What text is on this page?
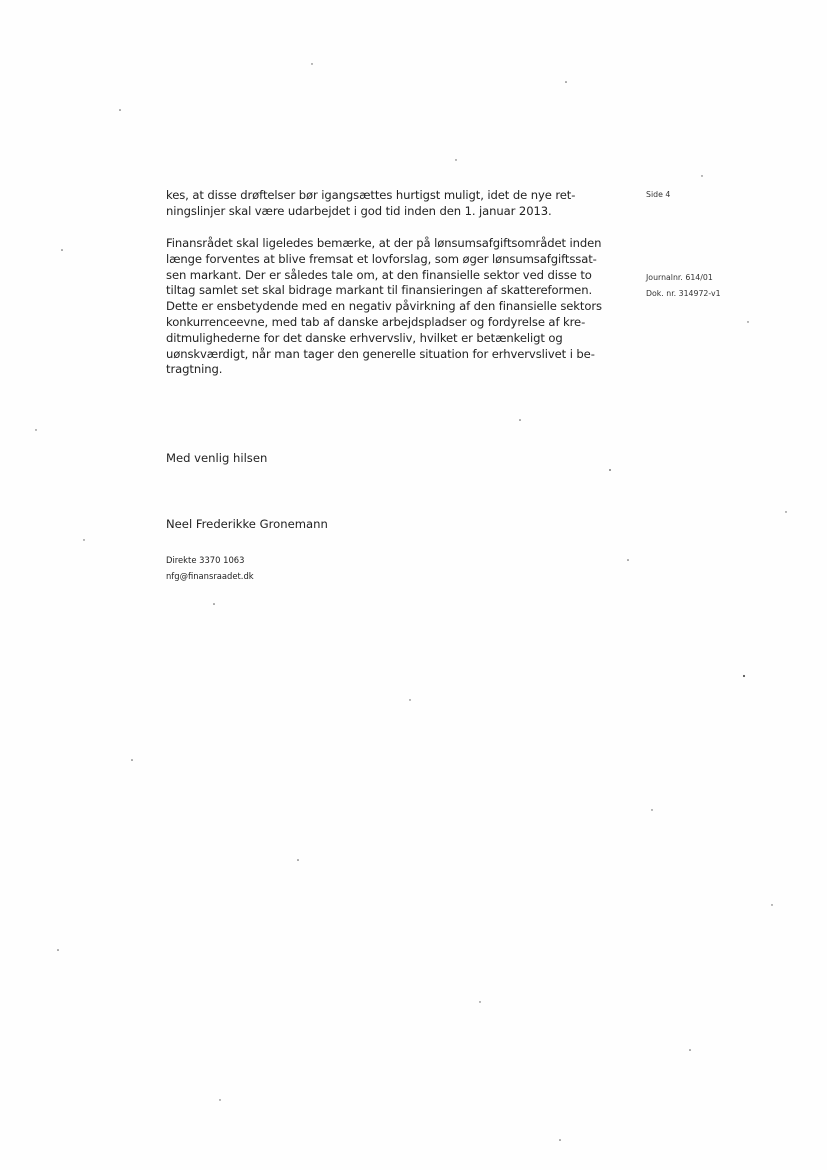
kes, at disse drøftelser bør igangsættes hurtigst muligt, idet de nye ret-
ningslinjer skal være udarbejdet i god tid inden den 1. januar 2013.
Finansrådet skal ligeledes bemærke, at der på lønsumsafgiftsområdet inden
længe forventes at blive fremsat et lovforslag, som øger lønsumsafgiftssat-
sen markant. Der er således tale om, at den finansielle sektor ved disse to
tiltag samlet set skal bidrage markant til finansieringen af skattereformen.
Dette er ensbetydende med en negativ påvirkning af den finansielle sektors
konkurrenceevne, med tab af danske arbejdspladser og fordyrelse af kre-
ditmulighederne for det danske erhvervsliv, hvilket er betænkeligt og
uønskværdigt, når man tager den generelle situation for erhvervslivet i be-
tragtning.
Med venlig hilsen
Neel Frederikke Gronemann
Direkte 3370 1063
nfg@finansraadet.dk
Side 4
Journalnr. 614/01
Dok. nr. 314972-v1
